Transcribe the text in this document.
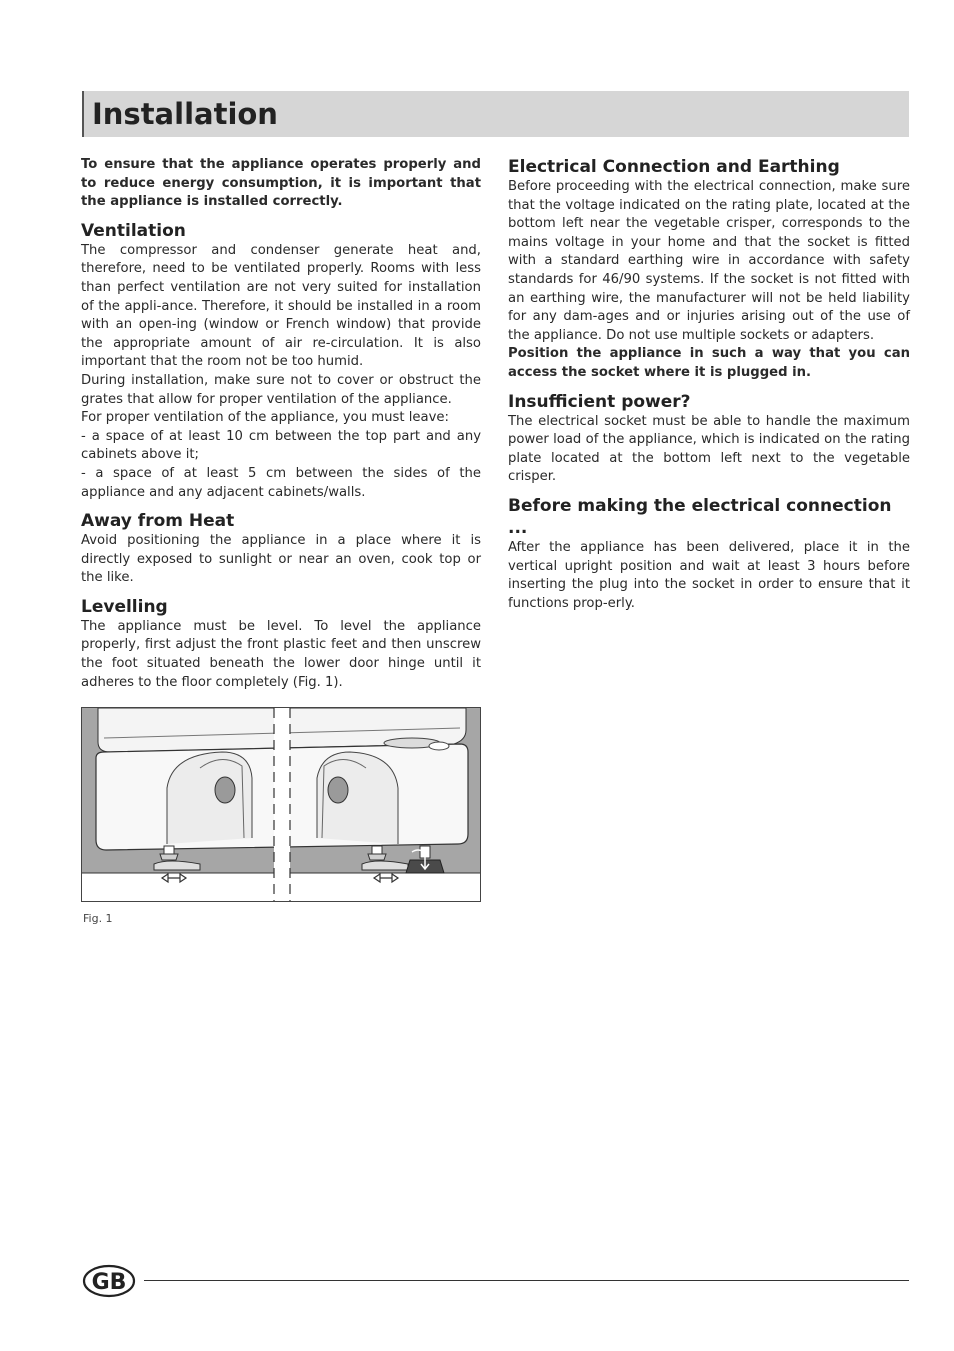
Installation

To ensure that the appliance operates properly and to reduce energy consumption, it is important that the appliance is installed correctly.

Ventilation

The compressor and condenser generate heat and, therefore, need to be ventilated properly. Rooms with less than perfect ventilation are not very suited for installation of the appli-ance. Therefore, it should be installed in a room with an open-ing (window or French window) that provide the appropriate amount of air re-circulation. It is also important that the room not be too humid.

During installation, make sure not to cover or obstruct the grates that allow for proper ventilation of the appliance.

For proper ventilation of the appliance, you must leave:

- a space of at least 10 cm between the top part and any cabinets above it;

- a space of at least 5 cm between the sides of the appliance and any adjacent cabinets/walls.

Away from Heat

Avoid positioning the appliance in a place where it is directly exposed to sunlight or near an oven, cook top or the like.

Levelling

The appliance must be level. To level the appliance properly, first adjust the front plastic feet and then unscrew the foot situated beneath the lower door hinge until it adheres to the floor completely (Fig. 1).

Electrical Connection and Earthing

Before proceeding with the electrical connection, make sure that the voltage indicated on the rating plate, located at the bottom left near the vegetable crisper, corresponds to the mains voltage in your home and that the socket is fitted with a standard earthing wire in accordance with safety standards for 46/90 systems. If the socket is not fitted with an earthing wire, the manufacturer will not be held liability for any dam-ages and or injuries arising out of the use of the appliance. Do not use multiple sockets or adapters.

Position the appliance in such a way that you can access the socket where it is plugged in.

Insufficient power?

The electrical socket must be able to handle the maximum power load of the appliance, which is indicated on the rating plate located at the bottom left next to the vegetable crisper.

Before making the electrical connection ...

After the appliance has been delivered, place it in the vertical upright position and wait at least 3 hours before inserting the plug into the socket in order to ensure that it functions prop-erly.

Fig. 1
GB
